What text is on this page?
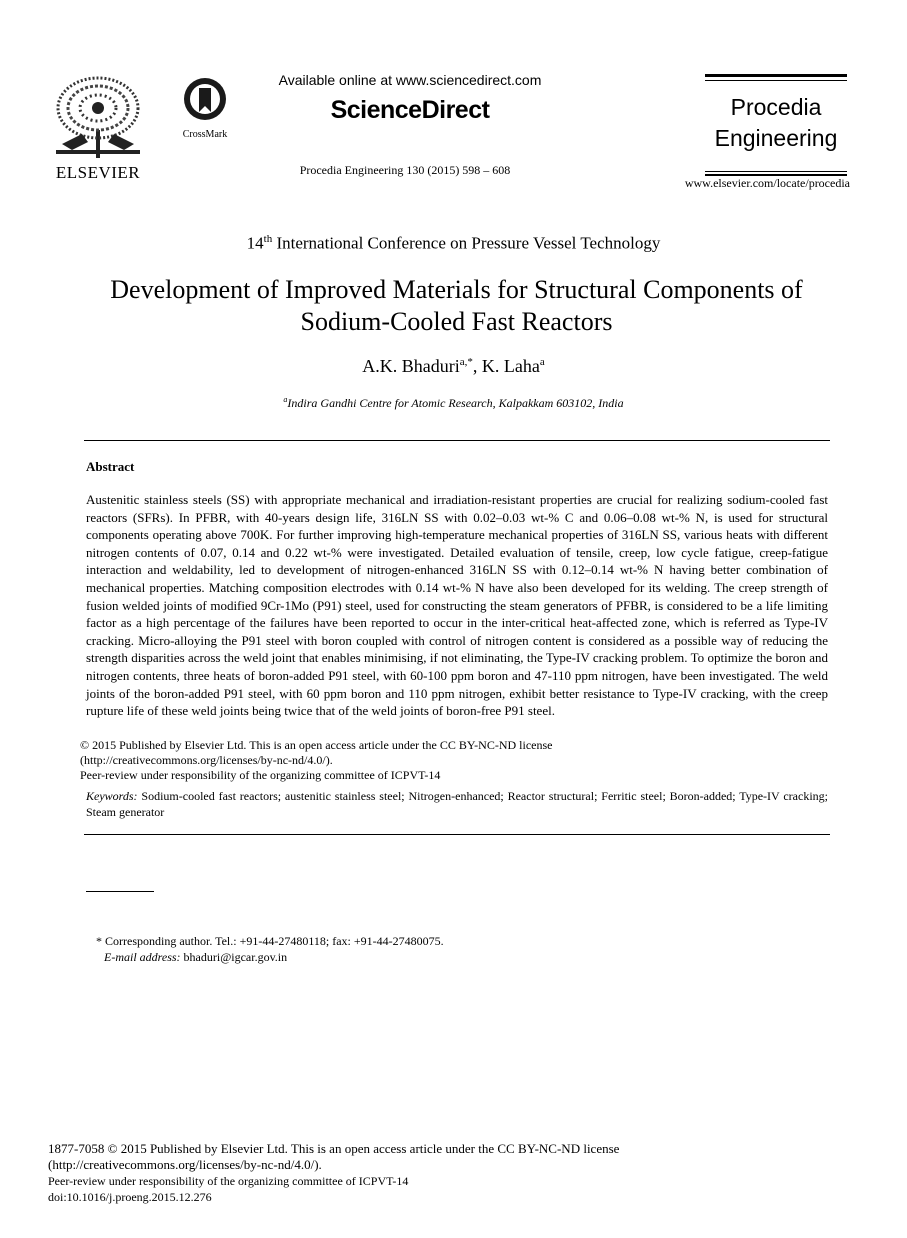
ELSEVIER
CrossMark
Available online at www.sciencedirect.com
ScienceDirect
Procedia Engineering 130 (2015) 598 – 608
Procedia
Engineering
www.elsevier.com/locate/procedia
14th International Conference on Pressure Vessel Technology
Development of Improved Materials for Structural Components of
Sodium-Cooled Fast Reactors
A.K. Bhaduri$^{a,*}$, K. Laha$^a$
$^a$Indira Gandhi Centre for Atomic Research, Kalpakkam 603102, India
Abstract
Austenitic stainless steels (SS) with appropriate mechanical and irradiation-resistant properties are crucial for realizing sodium-cooled fast reactors (SFRs). In PFBR, with 40-years design life, 316LN SS with 0.02–0.03 wt-% C and 0.06–0.08 wt-% N, is used for structural components operating above 700K. For further improving high-temperature mechanical properties of 316LN SS, various heats with different nitrogen contents of 0.07, 0.14 and 0.22 wt-% were investigated. Detailed evaluation of tensile, creep, low cycle fatigue, creep-fatigue interaction and weldability, led to development of nitrogen-enhanced 316LN SS with 0.12–0.14 wt-% N having better combination of mechanical properties. Matching composition electrodes with 0.14 wt-% N have also been developed for its welding. The creep strength of fusion welded joints of modified 9Cr-1Mo (P91) steel, used for constructing the steam generators of PFBR, is considered to be a life limiting factor as a high percentage of the failures have been reported to occur in the inter-critical heat-affected zone, which is referred as Type-IV cracking. Micro-alloying the P91 steel with boron coupled with control of nitrogen content is considered as a possible way of reducing the strength disparities across the weld joint that enables minimising, if not eliminating, the Type-IV cracking problem. To optimize the boron and nitrogen contents, three heats of boron-added P91 steel, with 60-100 ppm boron and 47-110 ppm nitrogen, have been investigated. The weld joints of the boron-added P91 steel, with 60 ppm boron and 110 ppm nitrogen, exhibit better resistance to Type-IV cracking, with the creep rupture life of these weld joints being twice that of the weld joints of boron-free P91 steel.
© 2015 Published by Elsevier Ltd. This is an open access article under the CC BY-NC-ND license
(http://creativecommons.org/licenses/by-nc-nd/4.0/).
Peer-review under responsibility of the organizing committee of ICPVT-14
Keywords: Sodium-cooled fast reactors; austenitic stainless steel; Nitrogen-enhanced; Reactor structural; Ferritic steel; Boron-added; Type-IV cracking; Steam generator
* Corresponding author. Tel.: +91-44-27480118; fax: +91-44-27480075.
E-mail address: bhaduri@igcar.gov.in
1877-7058 © 2015 Published by Elsevier Ltd. This is an open access article under the CC BY-NC-ND license
(http://creativecommons.org/licenses/by-nc-nd/4.0/).
Peer-review under responsibility of the organizing committee of ICPVT-14
doi:10.1016/j.proeng.2015.12.276
